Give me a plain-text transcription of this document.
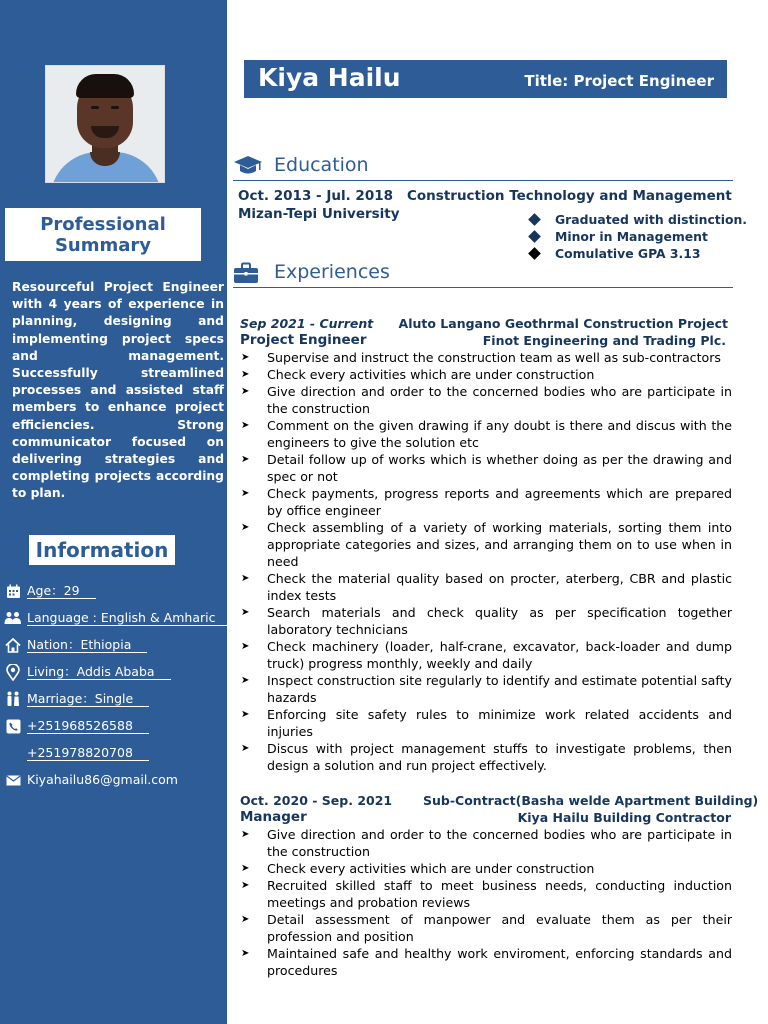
Professional
Summary

Resourceful Project Engineer with 4 years of experience in planning, designing and implementing project specs and management. Successfully streamlined processes and assisted staff members to enhance project efficiencies. Strong communicator focused on delivering strategies and completing projects according to plan.

Information
Age：29
Language : English & Amharic
Nation：Ethiopia
Living：Addis Ababa
Marriage：Single
+251968526588
+251978820708
Kiyahailu86@gmail.com
Kiya Hailu	Title: Project Engineer
Education
Oct. 2013 - Jul. 2018 Construction Technology and Management
Mizan-Tepi University	Graduated with distinction.
Minor in Management
Comulative GPA 3.13
Experiences
Sep 2021 - Current Aluto Langano Geothrmal Construction Project
Project Engineer	Finot Engineering and Trading Plc.
➤ Supervise and instruct the construction team as well as sub-contractors
➤ Check every activities which are under construction
➤ Give direction and order to the concerned bodies who are participate in the construction
➤ Comment on the given drawing if any doubt is there and discus with the engineers to give the solution etc
➤ Detail follow up of works which is whether doing as per the drawing and spec or not
➤ Check payments, progress reports and agreements which are prepared by office engineer
➤ Check assembling of a variety of working materials, sorting them into appropriate categories and sizes, and arranging them on to use when in need
➤ Check the material quality based on procter, aterberg, CBR and plastic index tests
➤ Search materials and check quality as per specification together laboratory technicians
➤ Check machinery (loader, half-crane, excavator, back-loader and dump truck) progress monthly, weekly and daily
➤ Inspect construction site regularly to identify and estimate potential safty hazards
➤ Enforcing site safety rules to minimize work related accidents and injuries
➤ Discus with project management stuffs to investigate problems, then design a solution and run project effectively.
Oct. 2020 - Sep. 2021 Sub-Contract(Basha welde Apartment Building)
Manager	Kiya Hailu Building Contractor
➤ Give direction and order to the concerned bodies who are participate in the construction
➤ Check every activities which are under construction
➤ Recruited skilled staff to meet business needs, conducting induction meetings and probation reviews
➤ Detail assessment of manpower and evaluate them as per their profession and position
➤ Maintained safe and healthy work enviroment, enforcing standards and procedures
